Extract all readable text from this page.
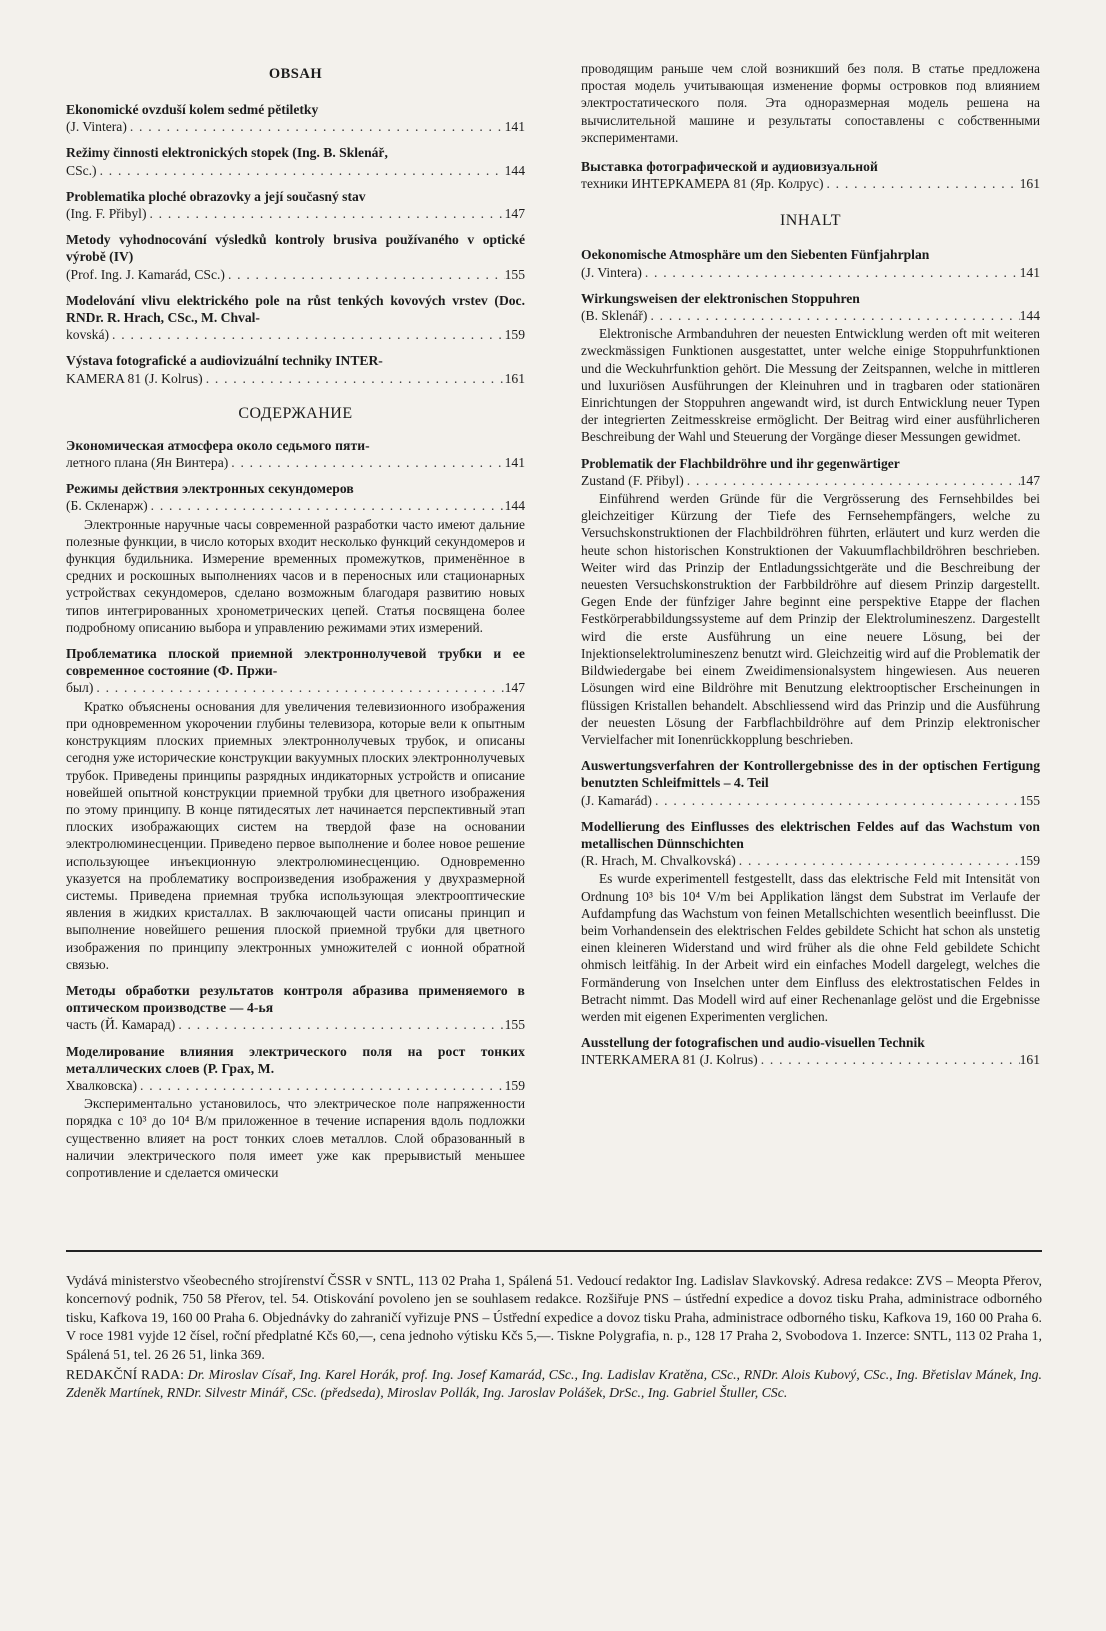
OBSAH
Ekonomické ovzduší kolem sedmé pětiletky
(J. Vintera) . . .	141
Režimy činnosti elektronických stopek (Ing. B. Sklenář,
CSc.) . . .	144
Problematika ploché obrazovky a její současný stav
(Ing. F. Přibyl) . . .	147
Metody vyhodnocování výsledků kontroly brusiva používaného v optické výrobě (IV)
(Prof. Ing. J. Kamarád, CSc.) . . .	155
Modelování vlivu elektrického pole na růst tenkých kovových vrstev (Doc. RNDr. R. Hrach, CSc., M. Chval-
kovská) . . .	159
Výstava fotografické a audiovizuální techniky INTER-
KAMERA 81 (J. Kolrus) . . .	161
СОДЕРЖАНИЕ
Экономическая атмосфера около седьмого пяти-
летного плана (Ян Винтера) . . .	141
Режимы действия электронных секундомеров
(Б. Скленарж) . . .	144
Электронные наручные часы современной разработки часто имеют дальние полезные функции, в число которых входит несколько функций секундомеров и функция будильника. Измерение временных промежутков, применённое в средних и роскошных выполнениях часов и в переносных или стационарных устройствах секундомеров, сделано возможным благодаря развитию новых типов интегрированных хронометрических цепей. Статья посвящена более подробному описанию выбора и управлению режимами этих измерений.
Проблематика плоской приемной электроннолучевой трубки и ее современное состояние (Ф. Пржи-
был) . . .	147
Кратко объяснены основания для увеличения телевизионного изображения при одновременном укорочении глубины телевизора, которые вели к опытным конструкциям плоских приемных электроннолучевых трубок, и описаны сегодня уже исторические конструкции вакуумных плоских электроннолучевых трубок. Приведены принципы разрядных индикаторных устройств и описание новейшей опытной конструкции приемной трубки для цветного изображения по этому принципу. В конце пятидесятых лет начинается перспективный этап плоских изображающих систем на твердой фазе на основании электролюминесценции. Приведено первое выполнение и более новое решение использующее инъекционную электролюминесценцию. Одновременно указуется на проблематику воспроизведения изображения у двухразмерной системы. Приведена приемная трубка использующая электрооптические явления в жидких кристаллах. В заключающей части описаны принцип и выполнение новейшего решения плоской приемной трубки для цветного изображения по принципу электронных умножителей с ионной обратной связью.
Методы обработки результатов контроля абразива применяемого в оптическом производстве — 4-ья
часть (Й. Камарад) . . .	155
Моделирование влияния электрического поля на рост тонких металлических слоев (Р. Грах, М.
Хвалковска) . . .	159
Экспериментально установилось, что электрическое поле напряженности порядка с 10³ до 10⁴ В/м приложенное в течение испарения вдоль подложки существенно влияет на рост тонких слоев металлов. Слой образованный в наличии электрического поля имеет уже как прерывистый меньшее сопротивление и сделается омически
проводящим раньше чем слой возникший без поля. В статье предложена простая модель учитывающая изменение формы островков под влиянием электростатического поля. Эта одноразмерная модель решена на вычислительной машине и результаты сопоставлены с собственными экспериментами.
Выставка фотографической и аудиовизуальной
техники ИНТЕРКАМЕРА 81 (Яр. Колрус) . . .	161
INHALT
Oekonomische Atmosphäre um den Siebenten Fünfjahrplan
(J. Vintera) . . .	141
Wirkungsweisen der elektronischen Stoppuhren
(B. Sklenář) . . .	144
Elektronische Armbanduhren der neuesten Entwicklung werden oft mit weiteren zweckmässigen Funktionen ausgestattet, unter welche einige Stoppuhrfunktionen und die Weckuhrfunktion gehört. Die Messung der Zeitspannen, welche in mittleren und luxuriösen Ausführungen der Kleinuhren und in tragbaren oder stationären Einrichtungen der Stoppuhren angewandt wird, ist durch Entwicklung neuer Typen der integrierten Zeitmesskreise ermöglicht. Der Beitrag wird einer ausführlicheren Beschreibung der Wahl und Steuerung der Vorgänge dieser Messungen gewidmet.
Problematik der Flachbildröhre und ihr gegenwärtiger
Zustand (F. Přibyl) . . .	147
Einführend werden Gründe für die Vergrösserung des Fernsehbildes bei gleichzeitiger Kürzung der Tiefe des Fernsehempfängers, welche zu Versuchskonstruktionen der Flachbildröhren führten, erläutert und kurz werden die heute schon historischen Konstruktionen der Vakuumflachbildröhren beschrieben. Weiter wird das Prinzip der Entladungssichtgeräte und die Beschreibung der neuesten Versuchskonstruktion der Farbbildröhre auf diesem Prinzip dargestellt. Gegen Ende der fünfziger Jahre beginnt eine perspektive Etappe der flachen Festkörperabbildungssysteme auf dem Prinzip der Elektrolumineszenz. Dargestellt wird die erste Ausführung un eine neuere Lösung, bei der Injektionselektrolumineszenz benutzt wird. Gleichzeitig wird auf die Problematik der Bildwiedergabe bei einem Zweidimensionalsystem hingewiesen. Aus neueren Lösungen wird eine Bildröhre mit Benutzung elektrooptischer Erscheinungen in flüssigen Kristallen behandelt. Abschliessend wird das Prinzip und die Ausführung der neuesten Lösung der Farbflachbildröhre auf dem Prinzip elektronischer Vervielfacher mit Ionenrückkopplung beschrieben.
Auswertungsverfahren der Kontrollergebnisse des in der optischen Fertigung benutzten Schleifmittels – 4. Teil
(J. Kamarád) . . .	155
Modellierung des Einflusses des elektrischen Feldes auf das Wachstum von metallischen Dünnschichten
(R. Hrach, M. Chvalkovská) . . .	159
Es wurde experimentell festgestellt, dass das elektrische Feld mit Intensität von Ordnung 10³ bis 10⁴ V/m bei Applikation längst dem Substrat im Verlaufe der Aufdampfung das Wachstum von feinen Metallschichten wesentlich beeinflusst. Die beim Vorhandensein des elektrischen Feldes gebildete Schicht hat schon als unstetig einen kleineren Widerstand und wird früher als die ohne Feld gebildete Schicht ohmisch leitfähig. In der Arbeit wird ein einfaches Modell dargelegt, welches die Formänderung von Inselchen unter dem Einfluss des elektrostatischen Feldes in Betracht nimmt. Das Modell wird auf einer Rechenanlage gelöst und die Ergebnisse werden mit eigenen Experimenten verglichen.
Ausstellung der fotografischen und audio-visuellen Technik
INTERKAMERA 81 (J. Kolrus) . . .	161
Vydává ministerstvo všeobecného strojírenství ČSSR v SNTL, 113 02 Praha 1, Spálená 51. Vedoucí redaktor Ing. Ladislav Slavkovský. Adresa redakce: ZVS – Meopta Přerov, koncernový podnik, 750 58 Přerov, tel. 54. Otiskování povoleno jen se souhlasem redakce. Rozšiřuje PNS – ústřední expedice a dovoz tisku Praha, administrace odborného tisku, Kafkova 19, 160 00 Praha 6. Objednávky do zahraničí vyřizuje PNS – Ústřední expedice a dovoz tisku Praha, administrace odborného tisku, Kafkova 19, 160 00 Praha 6. V roce 1981 vyjde 12 čísel, roční předplatné Kčs 60,—, cena jednoho výtisku Kčs 5,—. Tiskne Polygrafia, n. p., 128 17 Praha 2, Svobodova 1. Inzerce: SNTL, 113 02 Praha 1, Spálená 51, tel. 26 26 51, linka 369.
REDAKČNÍ RADA: Dr. Miroslav Císař, Ing. Karel Horák, prof. Ing. Josef Kamarád, CSc., Ing. Ladislav Kratěna, CSc., RNDr. Alois Kubový, CSc., Ing. Břetislav Mánek, Ing. Zdeněk Martínek, RNDr. Silvestr Minář, CSc. (předseda), Miroslav Pollák, Ing. Jaroslav Polášek, DrSc., Ing. Gabriel Štuller, CSc.
